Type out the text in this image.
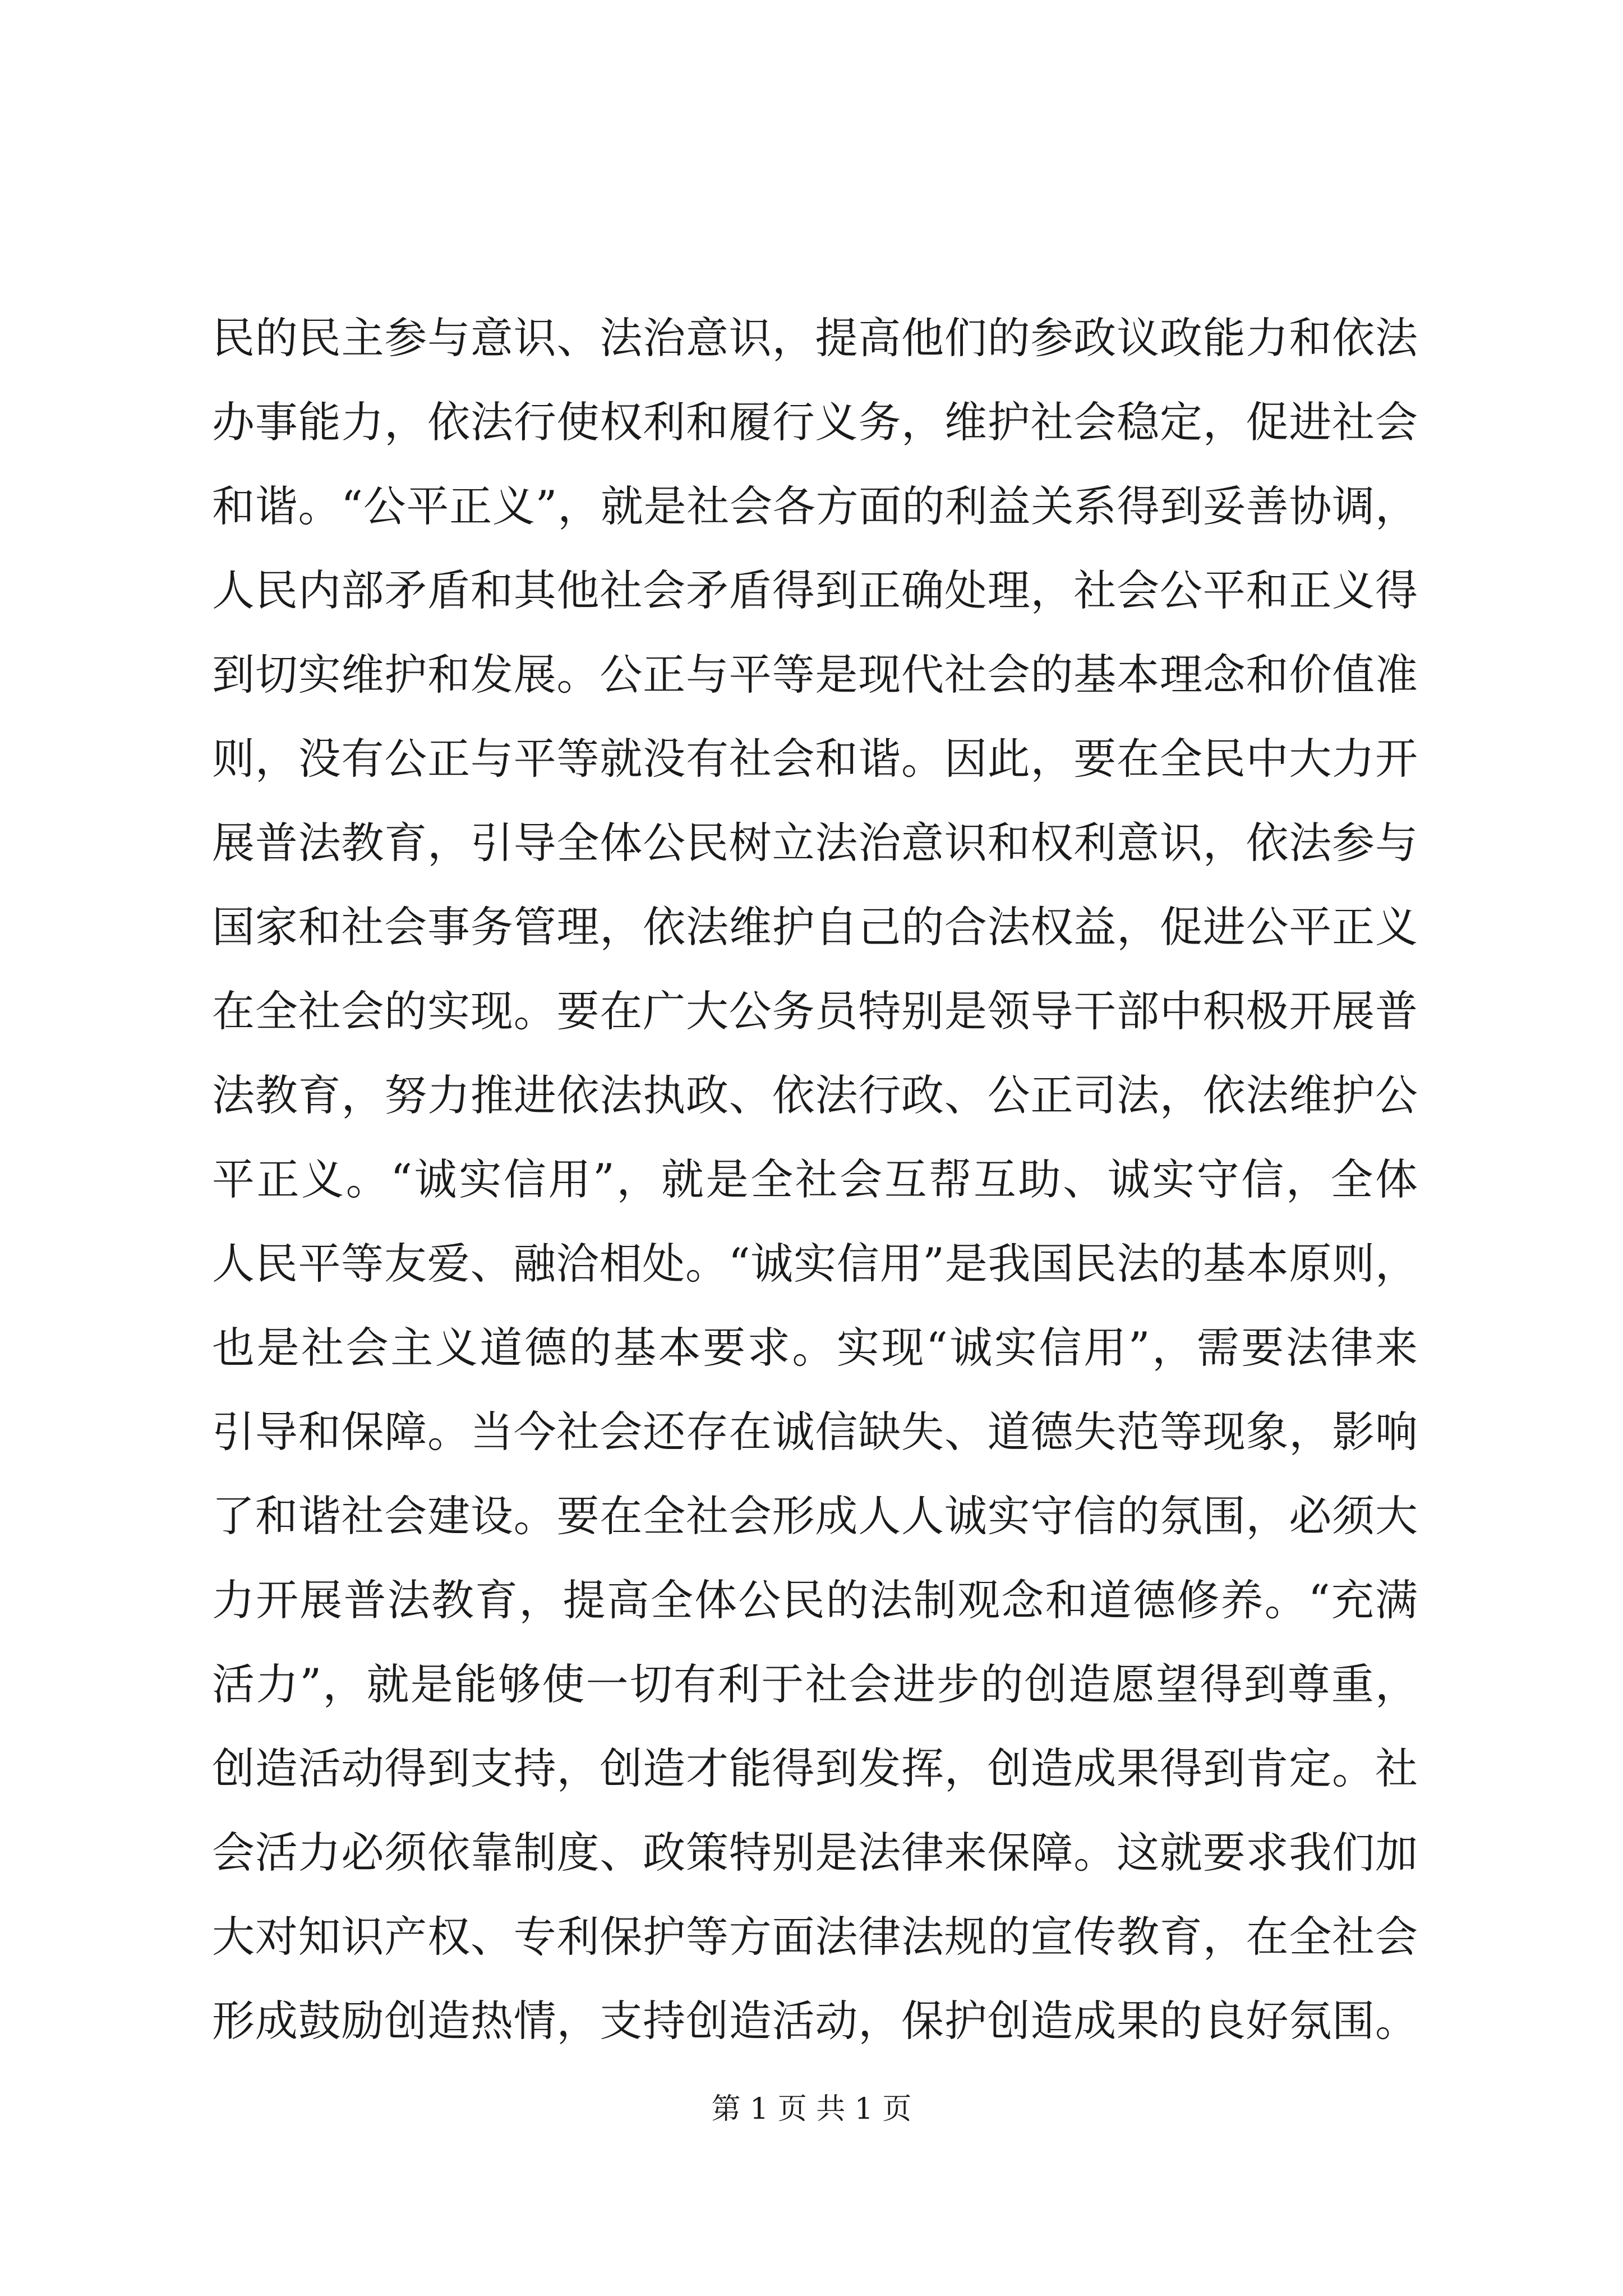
民的民主参与意识、法治意识，提高他们的参政议政能力和依法
办事能力，依法行使权利和履行义务，维护社会稳定，促进社会
和谐。“公平正义”，就是社会各方面的利益关系得到妥善协调，
人民内部矛盾和其他社会矛盾得到正确处理，社会公平和正义得
到切实维护和发展。公正与平等是现代社会的基本理念和价值准
则，没有公正与平等就没有社会和谐。因此，要在全民中大力开
展普法教育，引导全体公民树立法治意识和权利意识，依法参与
国家和社会事务管理，依法维护自己的合法权益，促进公平正义
在全社会的实现。要在广大公务员特别是领导干部中积极开展普
法教育，努力推进依法执政、依法行政、公正司法，依法维护公
平正义。“诚实信用”，就是全社会互帮互助、诚实守信，全体
人民平等友爱、融洽相处。“诚实信用”是我国民法的基本原则，
也是社会主义道德的基本要求。实现“诚实信用”，需要法律来
引导和保障。当今社会还存在诚信缺失、道德失范等现象，影响
了和谐社会建设。要在全社会形成人人诚实守信的氛围，必须大
力开展普法教育，提高全体公民的法制观念和道德修养。“充满
活力”，就是能够使一切有利于社会进步的创造愿望得到尊重，
创造活动得到支持，创造才能得到发挥，创造成果得到肯定。社
会活力必须依靠制度、政策特别是法律来保障。这就要求我们加
大对知识产权、专利保护等方面法律法规的宣传教育，在全社会
形成鼓励创造热情，支持创造活动，保护创造成果的良好氛围。
第 1 页 共 1 页
